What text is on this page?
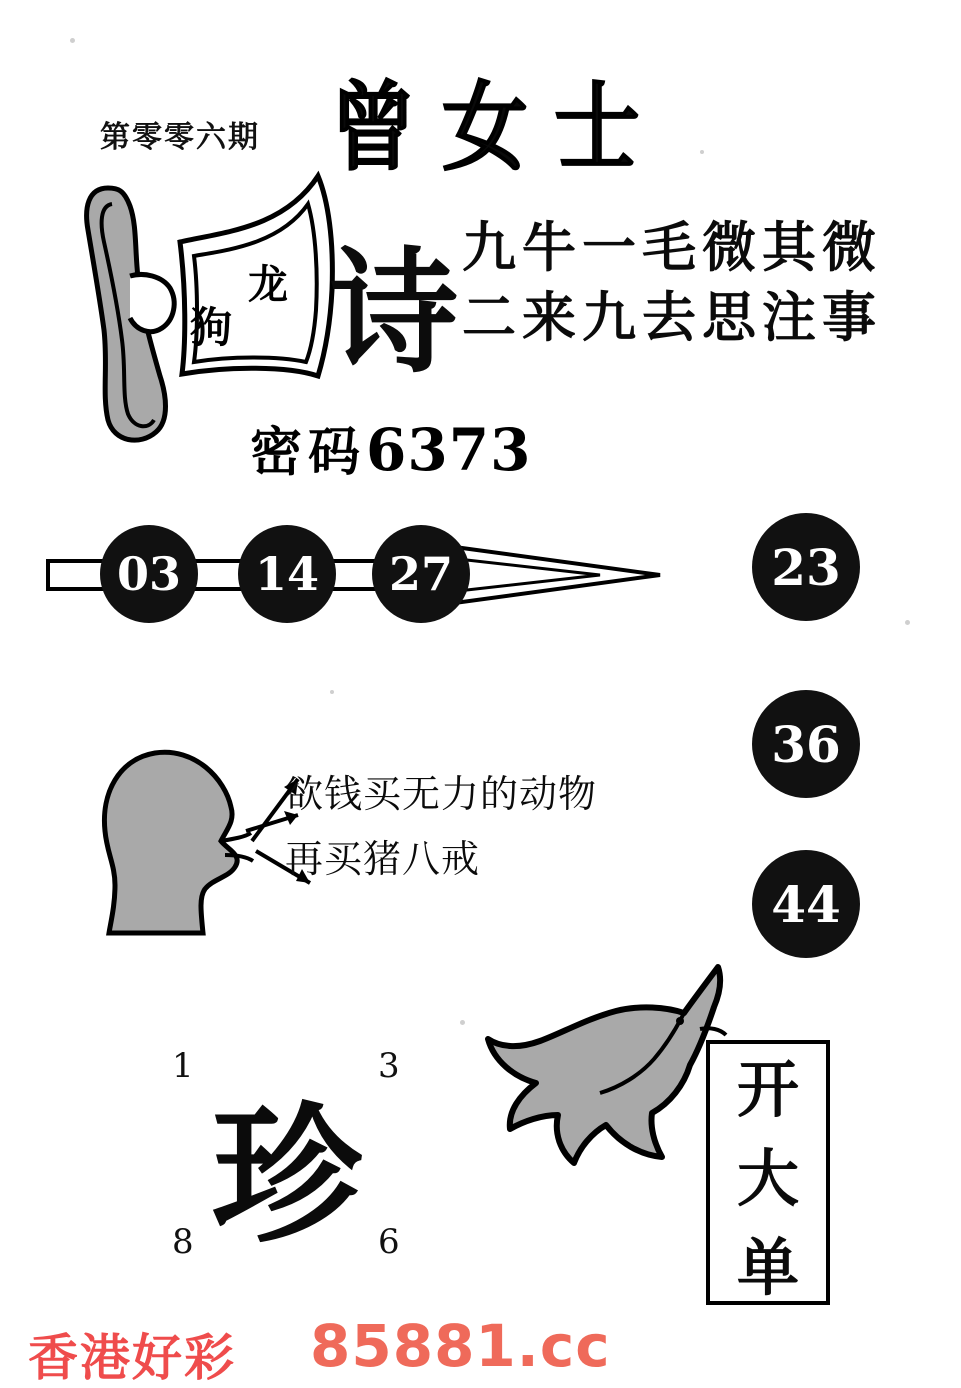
第零零六期 曾女士
龙
狗 诗 九牛一毛微其微
二来九去思注事
密码6373
03	14	27	23
36
44
欲钱买无力的动物
再买猪八戒
1	3
8	6
珍	开
大
单
香港好彩 85881.cc
